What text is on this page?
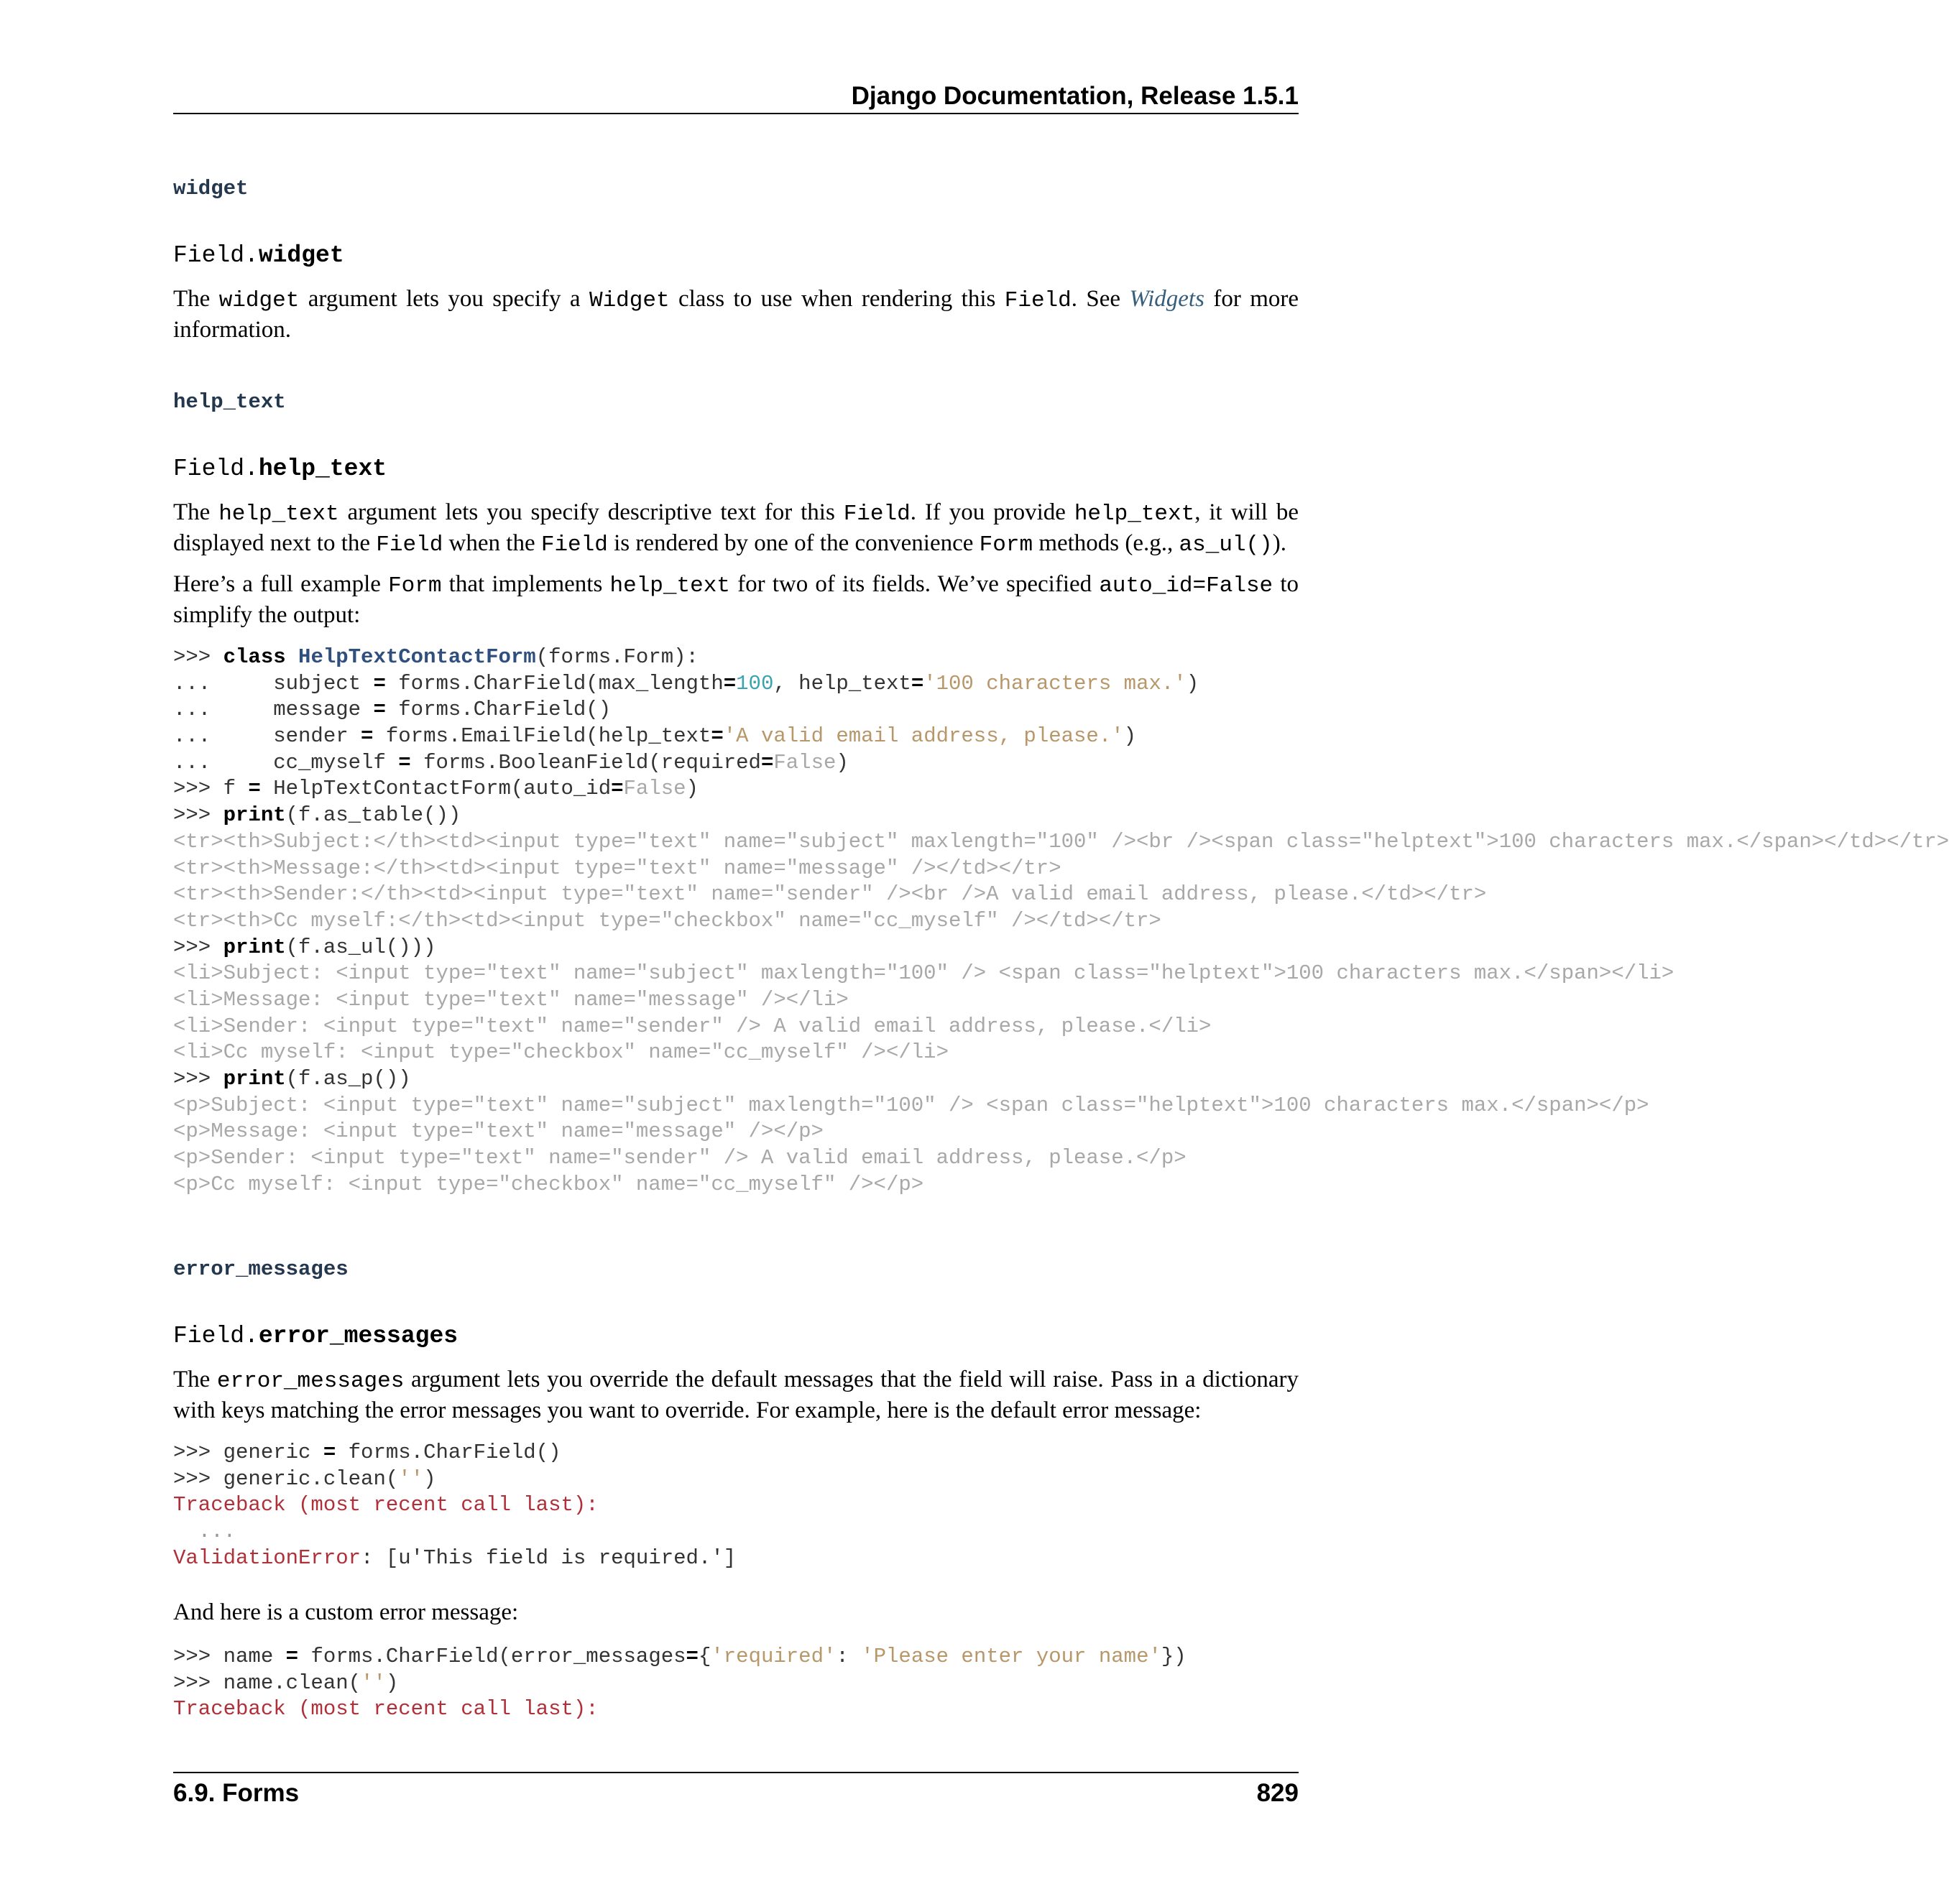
Django Documentation, Release 1.5.1
widget
Field.widget
The widget argument lets you specify a Widget class to use when rendering this Field. See Widgets for more information.
help_text
Field.help_text
The help_text argument lets you specify descriptive text for this Field. If you provide help_text, it will be displayed next to the Field when the Field is rendered by one of the convenience Form methods (e.g., as_ul()).
Here’s a full example Form that implements help_text for two of its fields. We’ve specified auto_id=False to simplify the output:
>>> class HelpTextContactForm(forms.Form):
...     subject = forms.CharField(max_length=100, help_text='100 characters max.')
...     message = forms.CharField()
...     sender = forms.EmailField(help_text='A valid email address, please.')
...     cc_myself = forms.BooleanField(required=False)
>>> f = HelpTextContactForm(auto_id=False)
>>> print(f.as_table())
<tr><th>Subject:</th><td><input type="text" name="subject" maxlength="100" /><br /><span class="helptext">100 characters max.</span></td></tr>
<tr><th>Message:</th><td><input type="text" name="message" /></td></tr>
<tr><th>Sender:</th><td><input type="text" name="sender" /><br />A valid email address, please.</td></tr>
<tr><th>Cc myself:</th><td><input type="checkbox" name="cc_myself" /></td></tr>
>>> print(f.as_ul()))
<li>Subject: <input type="text" name="subject" maxlength="100" /> <span class="helptext">100 characters max.</span></li>
<li>Message: <input type="text" name="message" /></li>
<li>Sender: <input type="text" name="sender" /> A valid email address, please.</li>
<li>Cc myself: <input type="checkbox" name="cc_myself" /></li>
>>> print(f.as_p())
<p>Subject: <input type="text" name="subject" maxlength="100" /> <span class="helptext">100 characters max.</span></p>
<p>Message: <input type="text" name="message" /></p>
<p>Sender: <input type="text" name="sender" /> A valid email address, please.</p>
<p>Cc myself: <input type="checkbox" name="cc_myself" /></p>
error_messages
Field.error_messages
The error_messages argument lets you override the default messages that the field will raise. Pass in a dictionary with keys matching the error messages you want to override. For example, here is the default error message:
>>> generic = forms.CharField()
>>> generic.clean('')
Traceback (most recent call last):
...
ValidationError: [u'This field is required.']
And here is a custom error message:
>>> name = forms.CharField(error_messages={'required': 'Please enter your name'})
>>> name.clean('')
Traceback (most recent call last):
6.9. Forms	829
